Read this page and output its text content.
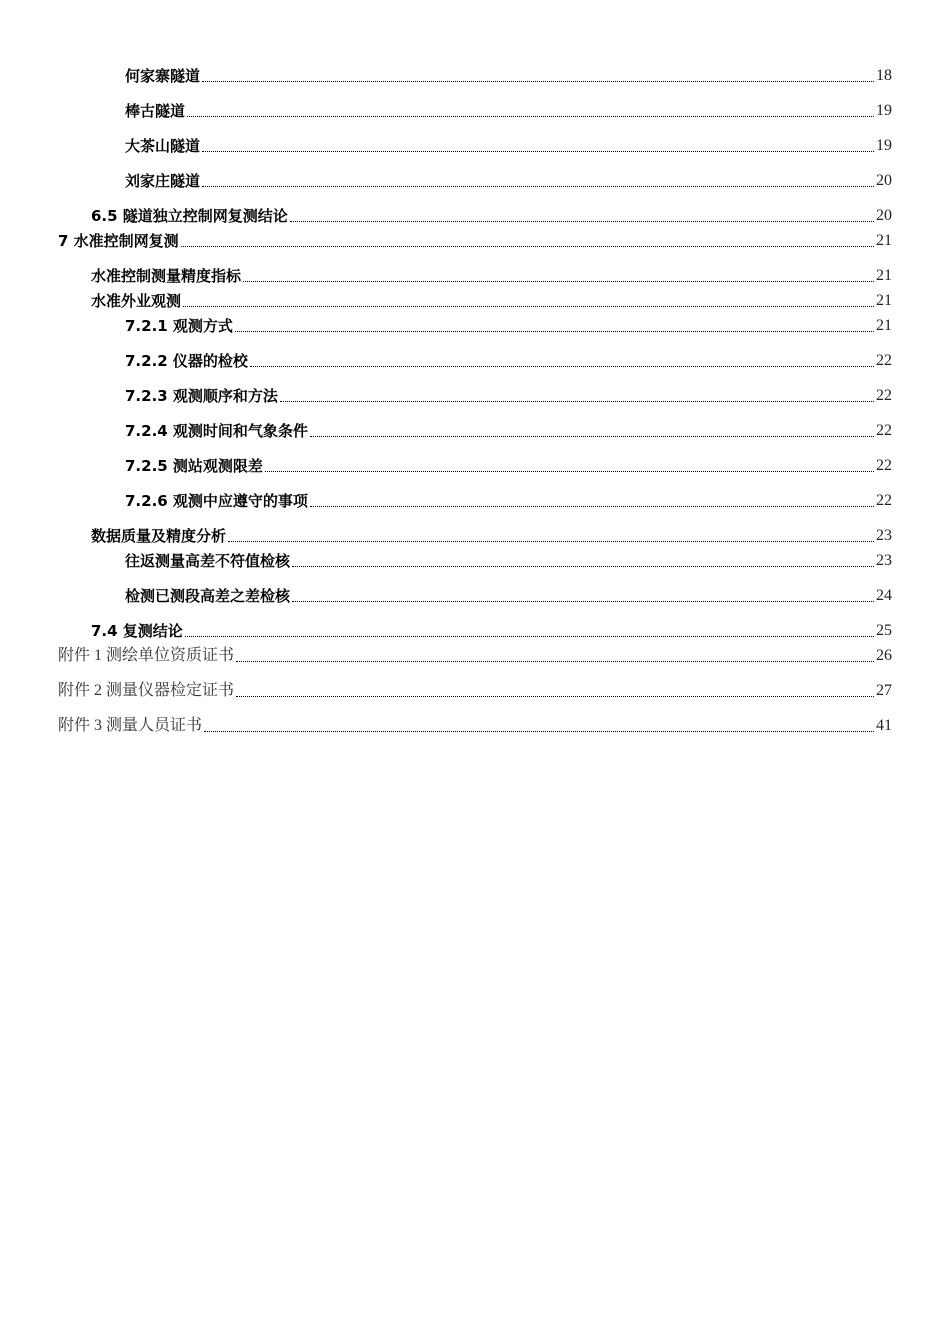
何家寨隧道	18
棒古隧道	19
大茶山隧道	19
刘家庄隧道	20
6.5 隧道独立控制网复测结论	20
7 水准控制网复测	21
水准控制测量精度指标	21
水准外业观测	21
7.2.1 观测方式	21
7.2.2 仪器的检校	22
7.2.3 观测顺序和方法	22
7.2.4 观测时间和气象条件	22
7.2.5 测站观测限差	22
7.2.6 观测中应遵守的事项	22
数据质量及精度分析	23
往返测量高差不符值检核	23
检测已测段高差之差检核	24
7.4 复测结论	25
附件 1 测绘单位资质证书	26
附件 2 测量仪器检定证书	27
附件 3 测量人员证书	41
